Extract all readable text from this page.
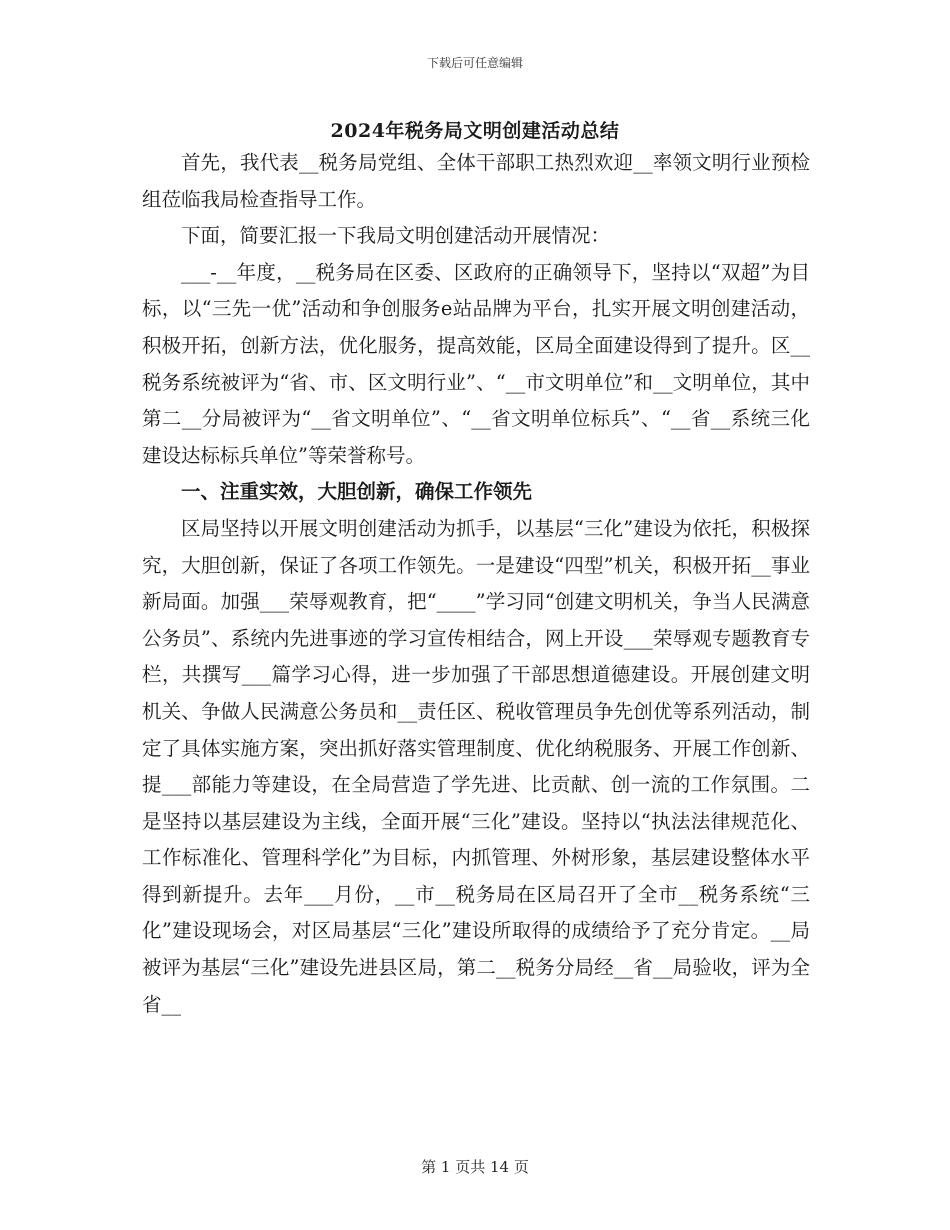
下载后可任意编辑
2024年税务局文明创建活动总结

首先，我代表__税务局党组、全体干部职工热烈欢迎__率领文明行业预检组莅临我局检查指导工作。

下面，简要汇报一下我局文明创建活动开展情况：

___-__年度，__税务局在区委、区政府的正确领导下，坚持以“双超”为目标，以“三先一优”活动和争创服务e站品牌为平台，扎实开展文明创建活动，积极开拓，创新方法，优化服务，提高效能，区局全面建设得到了提升。区__税务系统被评为“省、市、区文明行业”、“__市文明单位”和__文明单位，其中第二__分局被评为“__省文明单位”、“__省文明单位标兵”、“__省__系统三化建设达标标兵单位”等荣誉称号。

一、注重实效，大胆创新，确保工作领先

区局坚持以开展文明创建活动为抓手，以基层“三化”建设为依托，积极探究，大胆创新，保证了各项工作领先。一是建设“四型”机关，积极开拓__事业新局面。加强___荣辱观教育，把“____”学习同“创建文明机关，争当人民满意公务员”、系统内先进事迹的学习宣传相结合，网上开设___荣辱观专题教育专栏，共撰写___篇学习心得，进一步加强了干部思想道德建设。开展创建文明机关、争做人民满意公务员和__责任区、税收管理员争先创优等系列活动，制定了具体实施方案，突出抓好落实管理制度、优化纳税服务、开展工作创新、提___部能力等建设，在全局营造了学先进、比贡献、创一流的工作氛围。二是坚持以基层建设为主线，全面开展“三化”建设。坚持以“执法法律规范化、工作标准化、管理科学化”为目标，内抓管理、外树形象，基层建设整体水平得到新提升。去年___月份，__市__税务局在区局召开了全市__税务系统“三化”建设现场会，对区局基层“三化”建设所取得的成绩给予了充分肯定。__局被评为基层“三化”建设先进县区局，第二__税务分局经__省__局验收，评为全省__

第 1 页共 14 页
